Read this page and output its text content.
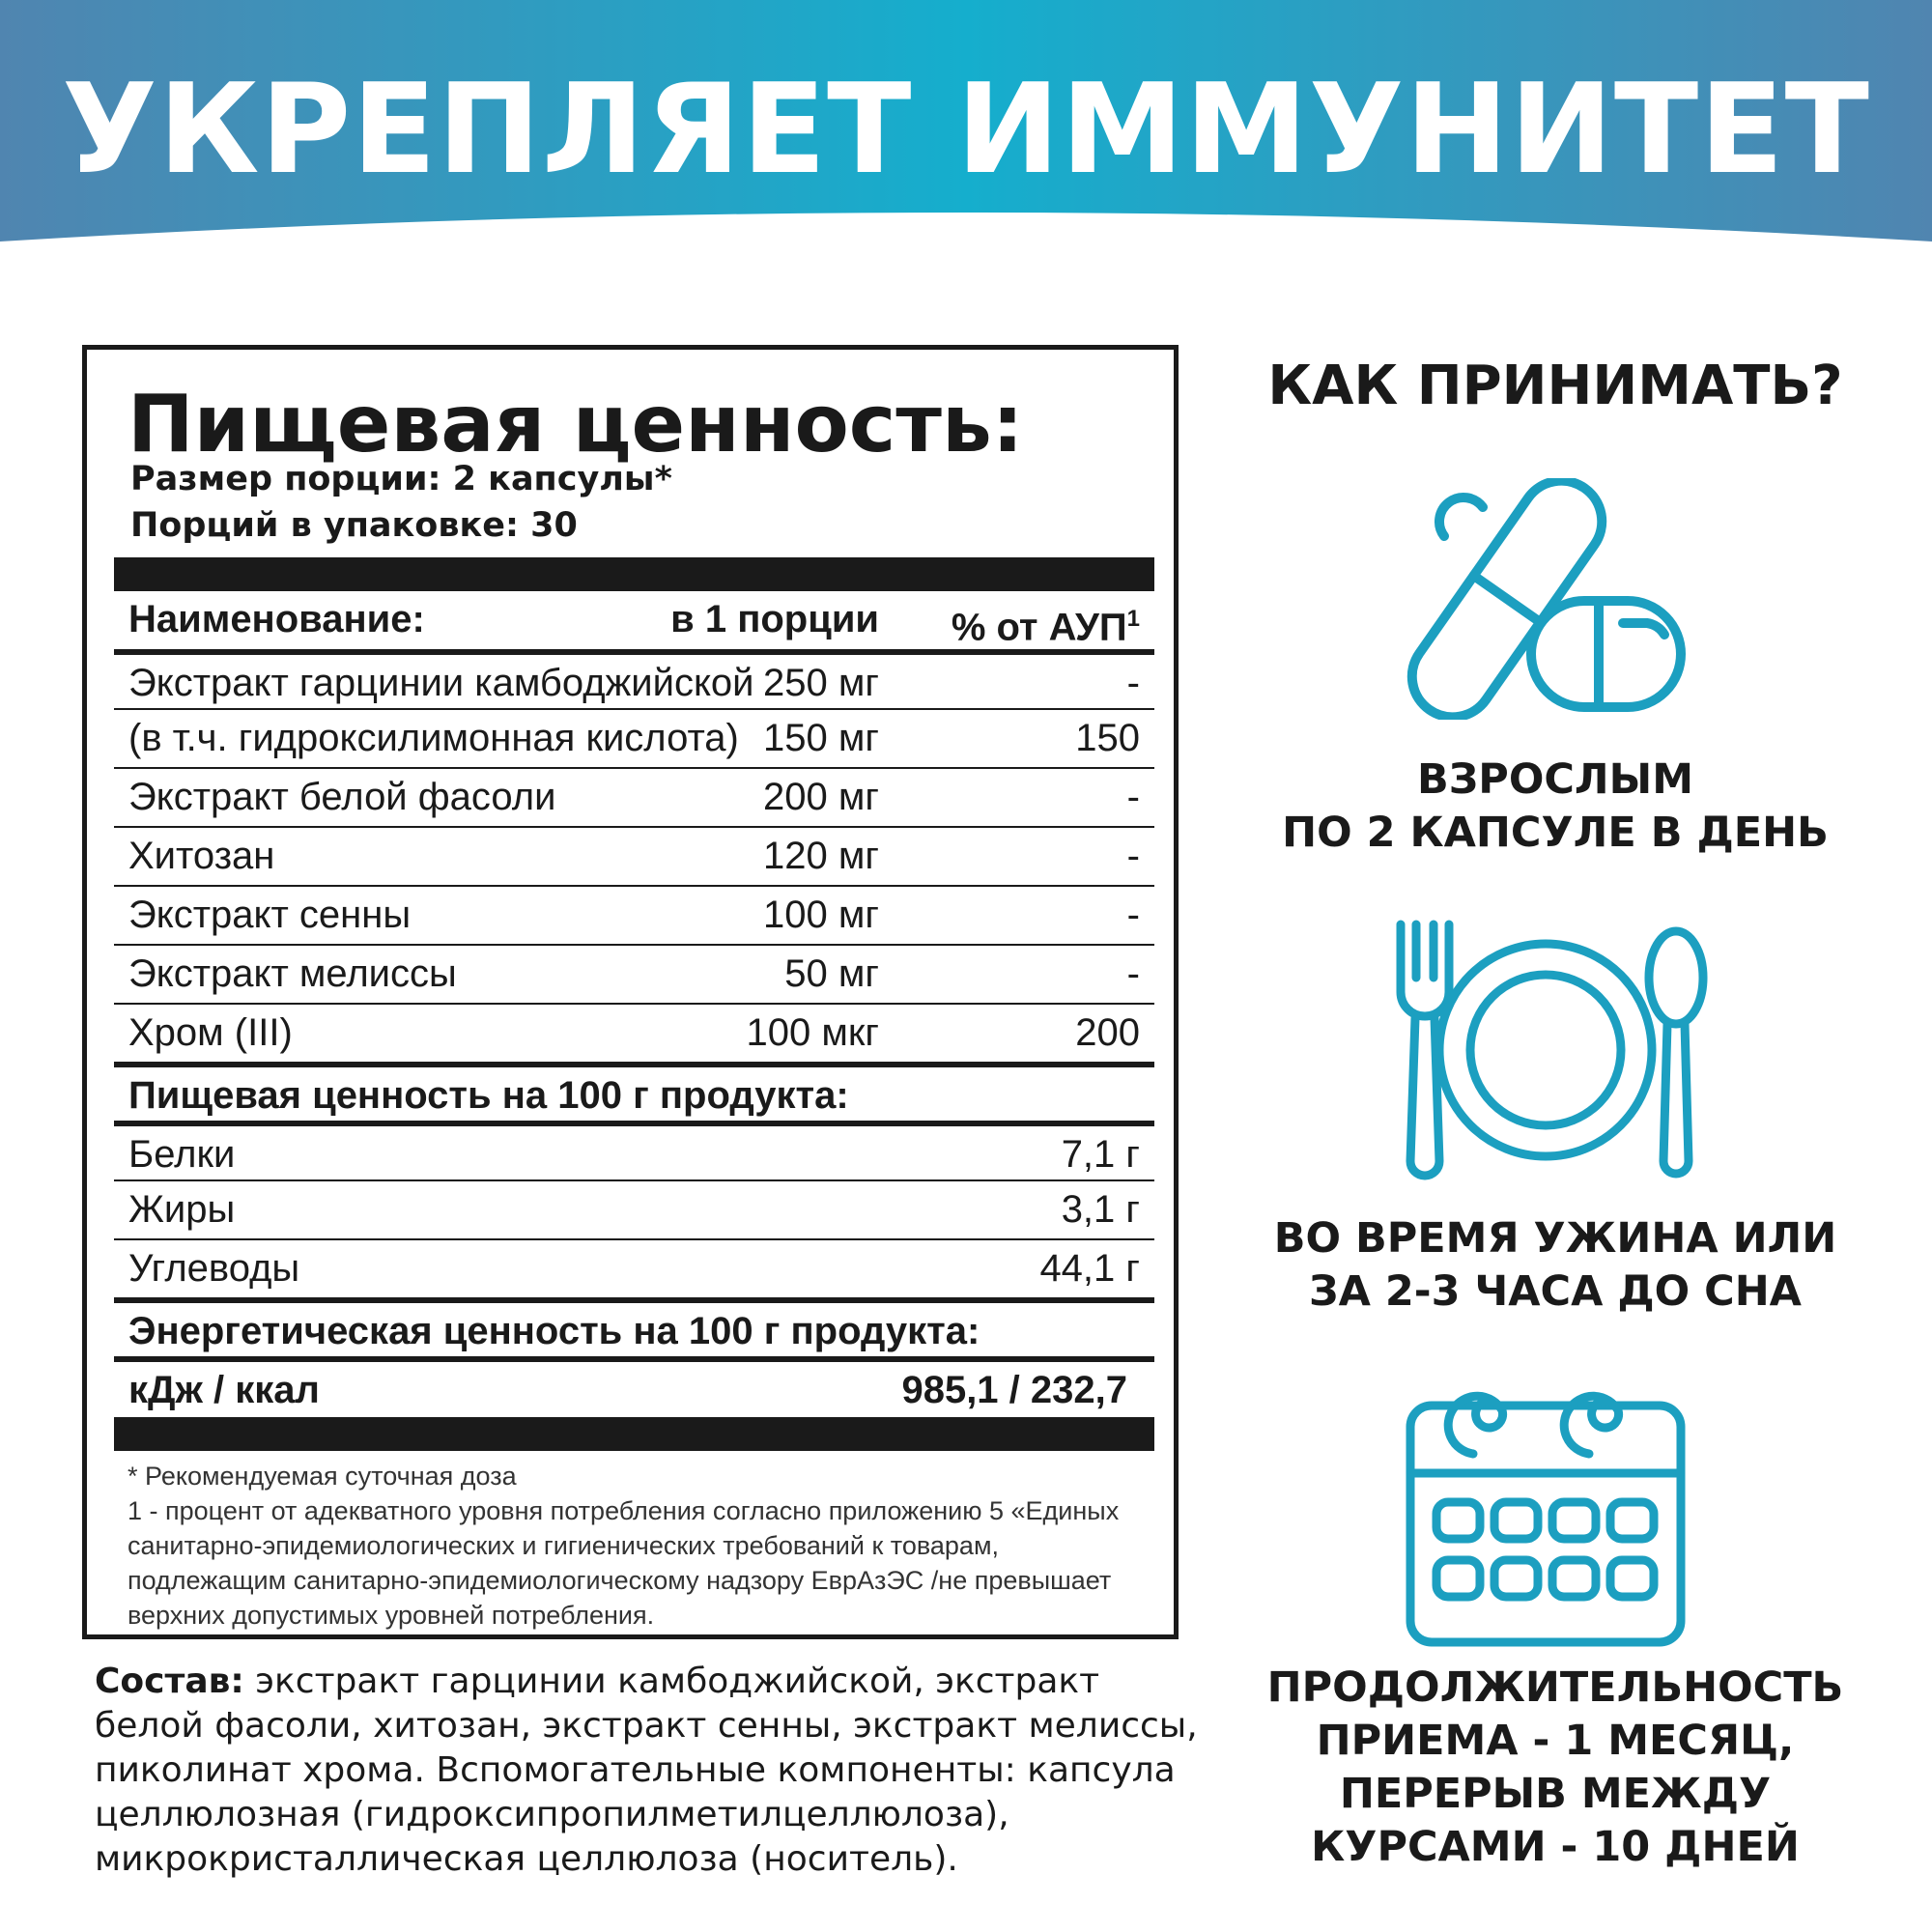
УКРЕПЛЯЕТ ИММУНИТЕТ
Пищевая ценность:
Размер порции: 2 капсулы*
Порций в упаковке: 30
Наименование:	в 1 порции % от АУП$^1$
Экстракт гарцинии камбоджийской 250 мг	-
(в т.ч. гидроксилимонная кислота) 150 мг	150
Экстракт белой фасоли	200 мг	-
Хитозан	120 мг	-
Экстракт сенны	100 мг	-
Экстракт мелиссы	50 мг	-
Хром (III)	100 мкг	200
Пищевая ценность на 100 г продукта:
Белки	7,1 г
Жиры	3,1 г
Углеводы	44,1 г
Энергетическая ценность на 100 г продукта:
кДж / ккал	985,1 / 232,7

* Рекомендуемая суточная доза

1 - процент от адекватного уровня потребления согласно приложению 5 «Единых санитарно-эпидемиологических и гигиенических требований к товарам, подлежащим санитарно-эпидемиологическому надзору ЕврАзЭС /не превышает верхних допустимых уровней потребления.

Состав: экстракт гарцинии камбоджийской, экстракт белой фасоли, хитозан, экстракт сенны, экстракт мелиссы, пиколинат хрома. Вспомогательные компоненты: капсула целлюлозная (гидроксипропилметилцеллюлоза), микрокристаллическая целлюлоза (носитель).
КАК ПРИНИМАТЬ?
ВЗРОСЛЫМ
ПО 2 КАПСУЛЕ В ДЕНЬ
ВО ВРЕМЯ УЖИНА ИЛИ
ЗА 2-3 ЧАСА ДО СНА
ПРОДОЛЖИТЕЛЬНОСТЬ
ПРИЕМА - 1 МЕСЯЦ,
ПЕРЕРЫВ МЕЖДУ
КУРСАМИ - 10 ДНЕЙ
